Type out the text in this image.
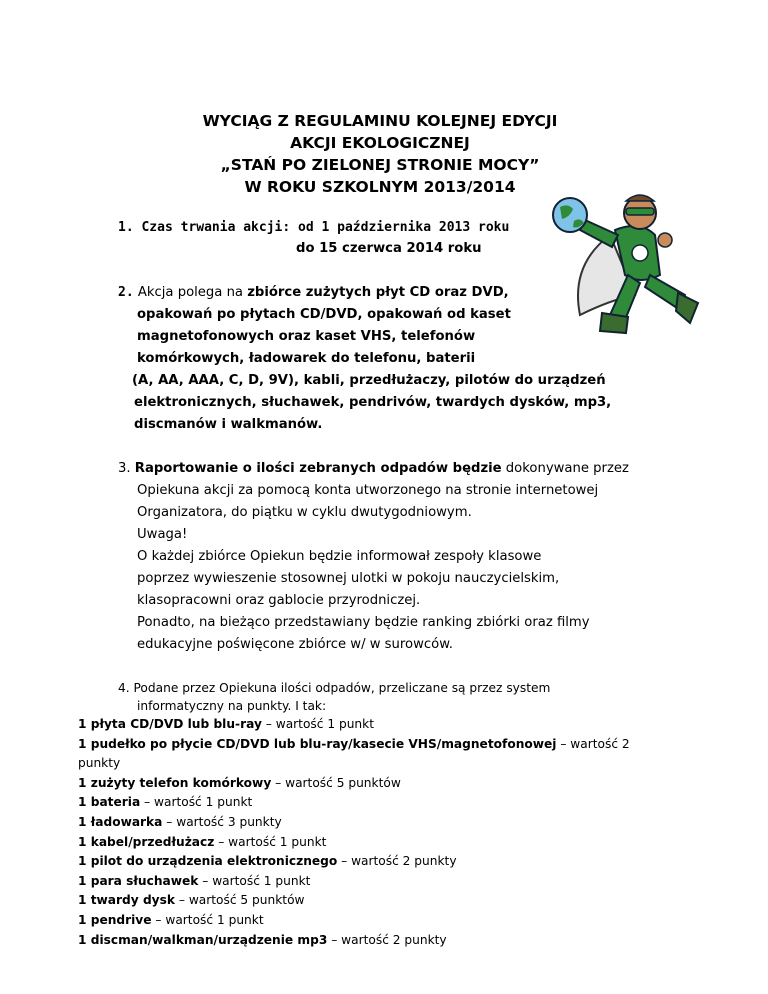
WYCIĄG Z REGULAMINU KOLEJNEJ EDYCJI
AKCJI EKOLOGICZNEJ
„STAŃ PO ZIELONEJ STRONIE MOCY”
W ROKU SZKOLNYM 2013/2014
1. Czas trwania akcji: od 1 października 2013 roku
do 15 czerwca 2014 roku
2. Akcja polega na zbiórce zużytych płyt CD oraz DVD,
opakowań po płytach CD/DVD, opakowań od kaset
magnetofonowych oraz kaset VHS, telefonów
komórkowych, ładowarek do telefonu, baterii
(A, AA, AAA, C, D, 9V), kabli, przedłużaczy, pilotów do urządzeń
elektronicznych, słuchawek, pendrivów, twardych dysków, mp3,
discmanów i walkmanów.
3. Raportowanie o ilości zebranych odpadów będzie dokonywane przez
Opiekuna akcji za pomocą konta utworzonego na stronie internetowej
Organizatora, do piątku w cyklu dwutygodniowym.
Uwaga!
O każdej zbiórce Opiekun będzie informował zespoły klasowe
poprzez wywieszenie stosownej ulotki w pokoju nauczycielskim,
klasopracowni oraz gablocie przyrodniczej.
Ponadto, na bieżąco przedstawiany będzie ranking zbiórki oraz filmy
edukacyjne poświęcone zbiórce w/ w surowców.
4. Podane przez Opiekuna ilości odpadów, przeliczane są przez system
informatyczny na punkty. I tak:
1 płyta CD/DVD lub blu-ray – wartość 1 punkt
1 pudełko po płycie CD/DVD lub blu-ray/kasecie VHS/magnetofonowej – wartość 2
punkty
1 zużyty telefon komórkowy – wartość 5 punktów
1 bateria – wartość 1 punkt
1 ładowarka – wartość 3 punkty
1 kabel/przedłużacz – wartość 1 punkt
1 pilot do urządzenia elektronicznego – wartość 2 punkty
1 para słuchawek – wartość 1 punkt
1 twardy dysk – wartość 5 punktów
1 pendrive – wartość 1 punkt
1 discman/walkman/urządzenie mp3 – wartość 2 punkty
